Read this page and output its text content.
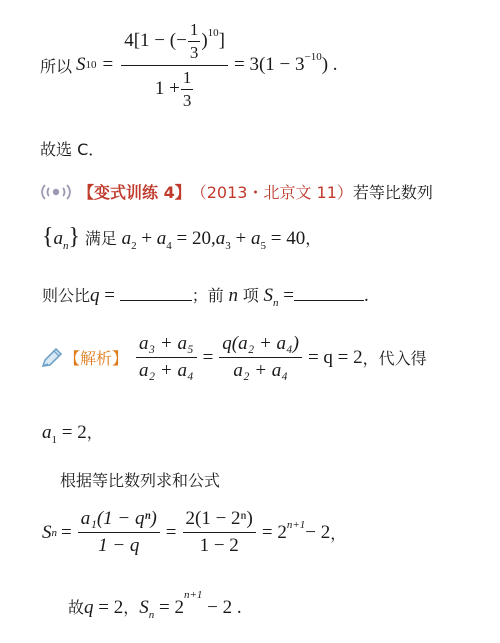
所以 S $10 = \frac{4[1 - (- \frac{1}{3} )^{10} ]}{1 + \frac{1}{3}} = 3(1 - 3^{-10}$ ) .
故选 C．
【变式训练 4】 （2013・北京文 11） 若等比数列
$\{a_n\}$ 满足 $a_2 + a_4 = 20,a_3 + a_5 = 40$，
则公比q =	；前 n 项 $S_n$ =	.
【解析】 $\frac{\text{a₃ + a₅}}{\text{a₂ + a₄}} = \frac{\text{q(a₂ + a₄)}}{\text{a₂ + a₄}} = q = 2$ ，代入得
$a_1 = 2$，
根据等比数列求和公式
S $n = \frac{\text{a₁(1 − qⁿ)}}{1 - q} = \frac{\text{2(1 − 2ⁿ)}}{1 - 2} = 2^{n+1} - 2$ ，
故q = 2，$S_n = 2^{n+1} - 2$ .
